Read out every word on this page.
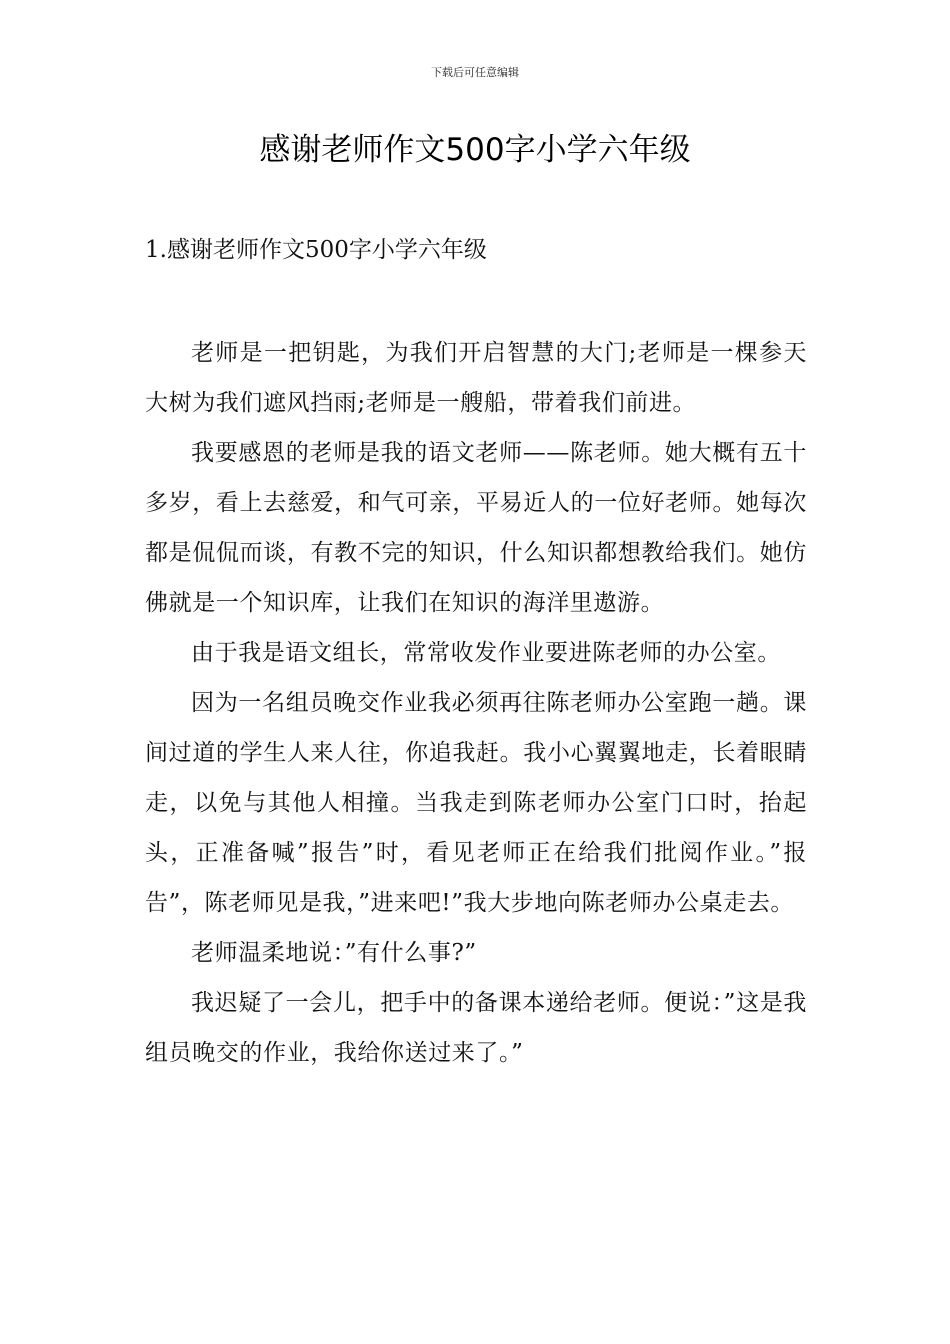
下载后可任意编辑
感谢老师作文500字小学六年级
1.感谢老师作文500字小学六年级

老师是一把钥匙，为我们开启智慧的大门;老师是一棵参天大树为我们遮风挡雨;老师是一艘船，带着我们前进。

我要感恩的老师是我的语文老师——陈老师。她大概有五十多岁，看上去慈爱，和气可亲，平易近人的一位好老师。她每次都是侃侃而谈，有教不完的知识，什么知识都想教给我们。她仿佛就是一个知识库，让我们在知识的海洋里遨游。

由于我是语文组长，常常收发作业要进陈老师的办公室。

因为一名组员晚交作业我必须再往陈老师办公室跑一趟。课间过道的学生人来人往，你追我赶。我小心翼翼地走，长着眼睛走，以免与其他人相撞。当我走到陈老师办公室门口时，抬起头，正准备喊”报告”时，看见老师正在给我们批阅作业。”报告”，陈老师见是我，”进来吧!”我大步地向陈老师办公桌走去。

老师温柔地说：”有什么事?”

我迟疑了一会儿，把手中的备课本递给老师。便说：”这是我组员晚交的作业，我给你送过来了。”
